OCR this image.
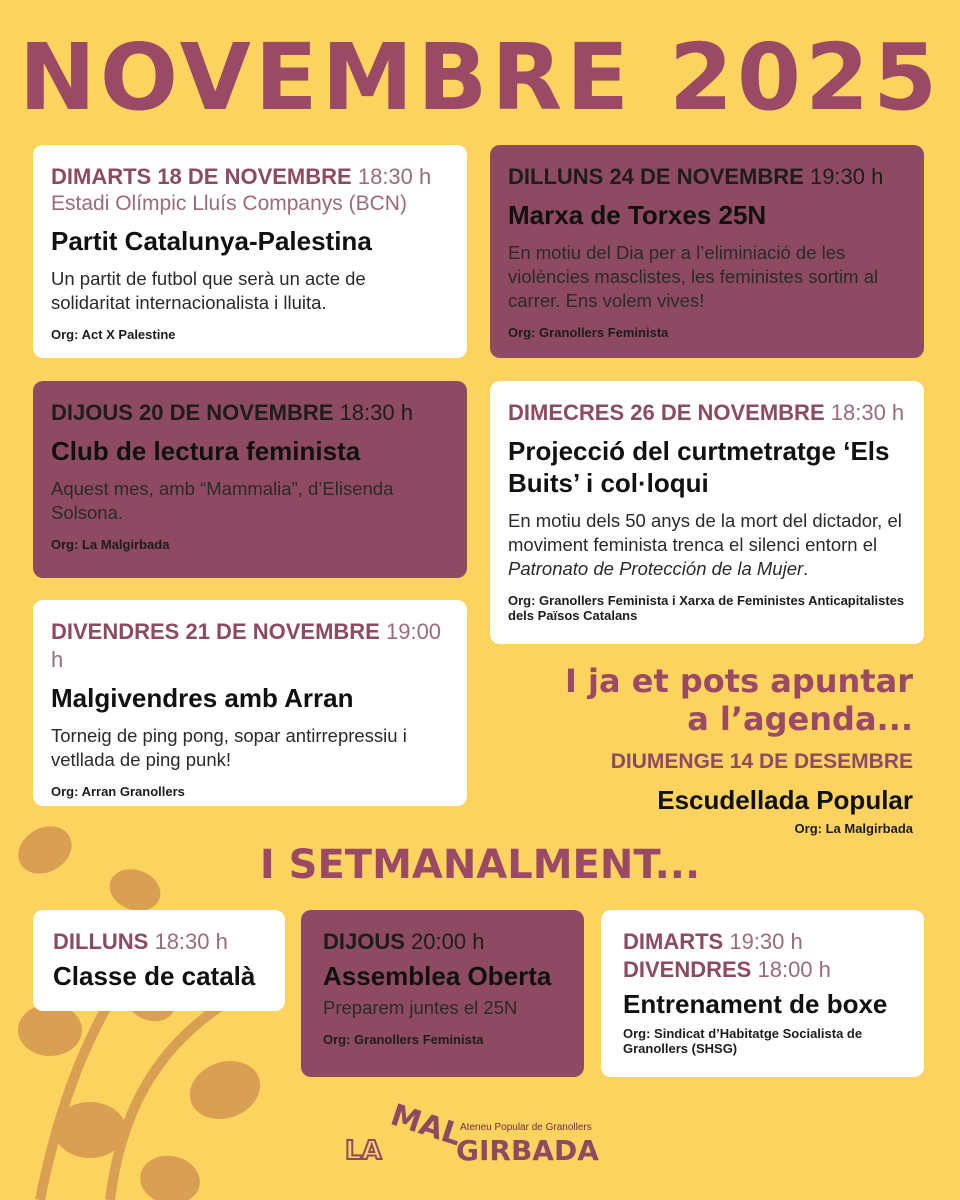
NOVEMBRE 2025
DIMARTS 18 DE NOVEMBRE 18:30 h
Estadi Olímpic Lluís Companys (BCN)
Partit Catalunya-Palestina
Un partit de futbol que serà un acte de solidaritat internacionalista i lluita.
Org: Act X Palestine
DILLUNS 24 DE NOVEMBRE 19:30 h
Marxa de Torxes 25N
En motiu del Dia per a l’eliminiació de les violències masclistes, les feministes sortim al carrer. Ens volem vives!
Org: Granollers Feminista
DIJOUS 20 DE NOVEMBRE 18:30 h
Club de lectura feminista
Aquest mes, amb “Mammalia”, d’Elisenda Solsona.
Org: La Malgirbada
DIMECRES 26 DE NOVEMBRE 18:30 h
Projecció del curtmetratge ‘Els Buits’ i col·loqui
En motiu dels 50 anys de la mort del dictador, el moviment feminista trenca el silenci entorn el Patronato de Protección de la Mujer.
Org: Granollers Feminista i Xarxa de Feministes Anticapitalistes dels Països Catalans
DIVENDRES 21 DE NOVEMBRE 19:00 h
Malgivendres amb Arran
Torneig de ping pong, sopar antirrepressiu i vetllada de ping punk!
Org: Arran Granollers
I ja et pots apuntar
a l’agenda...
DIUMENGE 14 DE DESEMBRE
Escudellada Popular
Org: La Malgirbada
I SETMANALMENT...
DILLUNS 18:30 h
Classe de català
DIJOUS 20:00 h
Assemblea Oberta
Preparem juntes el 25N
Org: Granollers Feminista
DIMARTS 19:30 h
DIVENDRES 18:00 h
Entrenament de boxe
Org: Sindicat d’Habitatge Socialista de Granollers (SHSG)
Ateneu Popular de Granollers
LA MAL
GIRBADA
